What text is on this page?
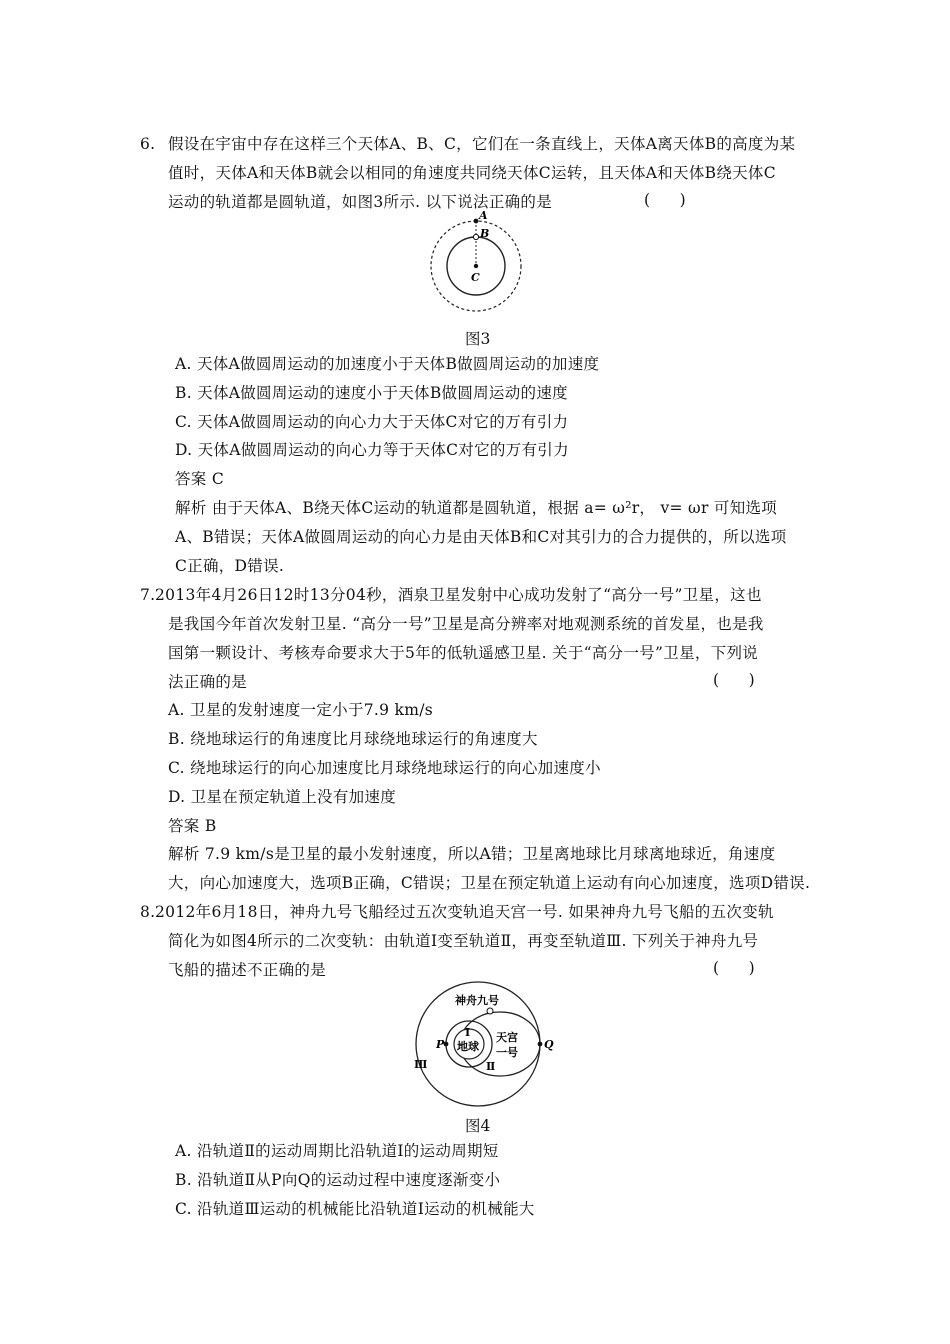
6. 假设在宇宙中存在这样三个天体A、B、C，它们在一条直线上，天体A离天体B的高度为某
值时，天体A和天体B就会以相同的角速度共同绕天体C运转，且天体A和天体B绕天体C
运动的轨道都是圆轨道，如图3所示. 以下说法正确的是	(      )
A
B
C
图3
A. 天体A做圆周运动的加速度小于天体B做圆周运动的加速度
B. 天体A做圆周运动的速度小于天体B做圆周运动的速度
C. 天体A做圆周运动的向心力大于天体C对它的万有引力
D. 天体A做圆周运动的向心力等于天体C对它的万有引力
答案 C
解析 由于天体A、B绕天体C运动的轨道都是圆轨道，根据 a= ω²r， v= ωr 可知选项
A、B错误；天体A做圆周运动的向心力是由天体B和C对其引力的合力提供的，所以选项
C正确，D错误.
7. 2013年4月26日12时13分04秒，酒泉卫星发射中心成功发射了“高分一号”卫星，这也
是我国今年首次发射卫星. “高分一号”卫星是高分辨率对地观测系统的首发星，也是我
国第一颗设计、考核寿命要求大于5年的低轨遥感卫星. 关于“高分一号”卫星，下列说
法正确的是	(      )
A. 卫星的发射速度一定小于7.9 km/s
B. 绕地球运行的角速度比月球绕地球运行的角速度大
C. 绕地球运行的向心加速度比月球绕地球运行的向心加速度小
D. 卫星在预定轨道上没有加速度
答案 B
解析 7.9 km/s是卫星的最小发射速度，所以A错；卫星离地球比月球离地球近，角速度
大，向心加速度大，选项B正确，C错误；卫星在预定轨道上运动有向心加速度，选项D错误.
8. 2012年6月18日，神舟九号飞船经过五次变轨追天宫一号. 如果神舟九号飞船的五次变轨
简化为如图4所示的二次变轨：由轨道Ⅰ变至轨道Ⅱ，再变至轨道Ⅲ. 下列关于神舟九号
飞船的描述不正确的是	(      )
神舟九号
Ⅰ
地球
天宫
一号
Ⅱ
Ⅲ
P	Q
图4
A. 沿轨道Ⅱ的运动周期比沿轨道Ⅰ的运动周期短
B. 沿轨道Ⅱ从P向Q的运动过程中速度逐渐变小
C. 沿轨道Ⅲ运动的机械能比沿轨道Ⅰ运动的机械能大
